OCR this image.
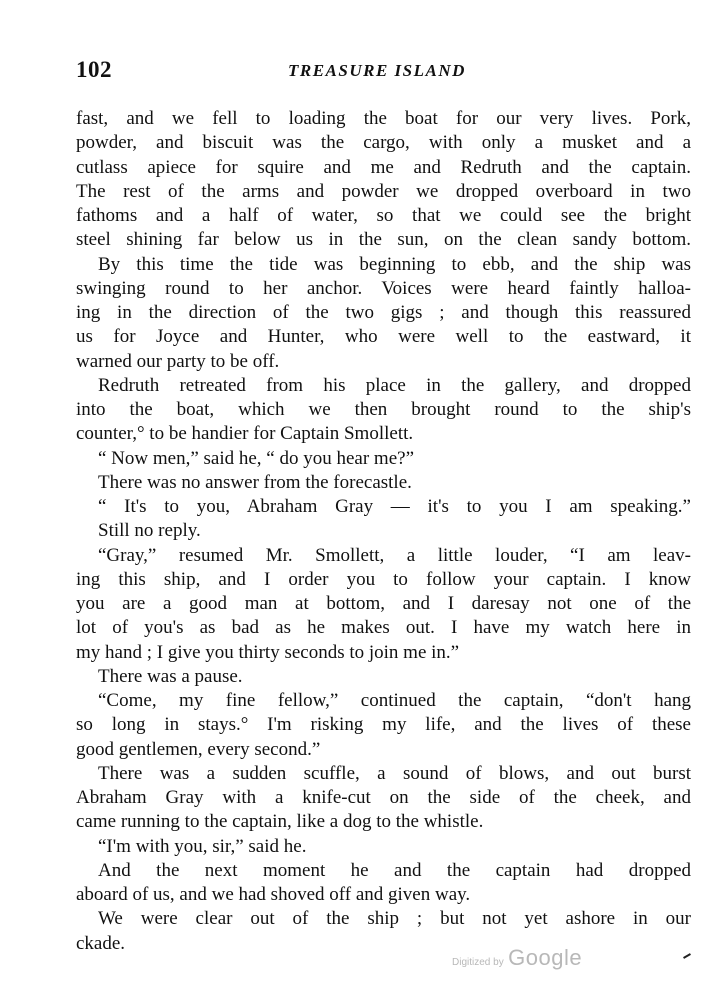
102	TREASURE ISLAND
fast, and we fell to loading the boat for our very lives. Pork,
powder, and biscuit was the cargo, with only a musket and a
cutlass apiece for squire and me and Redruth and the captain.
The rest of the arms and powder we dropped overboard in two
fathoms and a half of water, so that we could see the bright
steel shining far below us in the sun, on the clean sandy bottom.
By this time the tide was beginning to ebb, and the ship was
swinging round to her anchor. Voices were heard faintly halloa-
ing in the direction of the two gigs ; and though this reassured
us for Joyce and Hunter, who were well to the eastward, it
warned our party to be off.
Redruth retreated from his place in the gallery, and dropped
into the boat, which we then brought round to the ship's
counter,° to be handier for Captain Smollett.
“ Now men,” said he, “ do you hear me?”
There was no answer from the forecastle.
“ It's to you, Abraham Gray — it's to you I am speaking.”
Still no reply.
“Gray,” resumed Mr. Smollett, a little louder, “I am leav-
ing this ship, and I order you to follow your captain. I know
you are a good man at bottom, and I daresay not one of the
lot of you's as bad as he makes out. I have my watch here in
my hand ; I give you thirty seconds to join me in.”
There was a pause.
“Come, my fine fellow,” continued the captain, “don't hang
so long in stays.° I'm risking my life, and the lives of these
good gentlemen, every second.”
There was a sudden scuffle, a sound of blows, and out burst
Abraham Gray with a knife-cut on the side of the cheek, and
came running to the captain, like a dog to the whistle.
“I'm with you, sir,” said he.
And the next moment he and the captain had dropped
aboard of us, and we had shoved off and given way.
We were clear out of the ship ; but not yet ashore in our
ckade.
Digitized by Google
